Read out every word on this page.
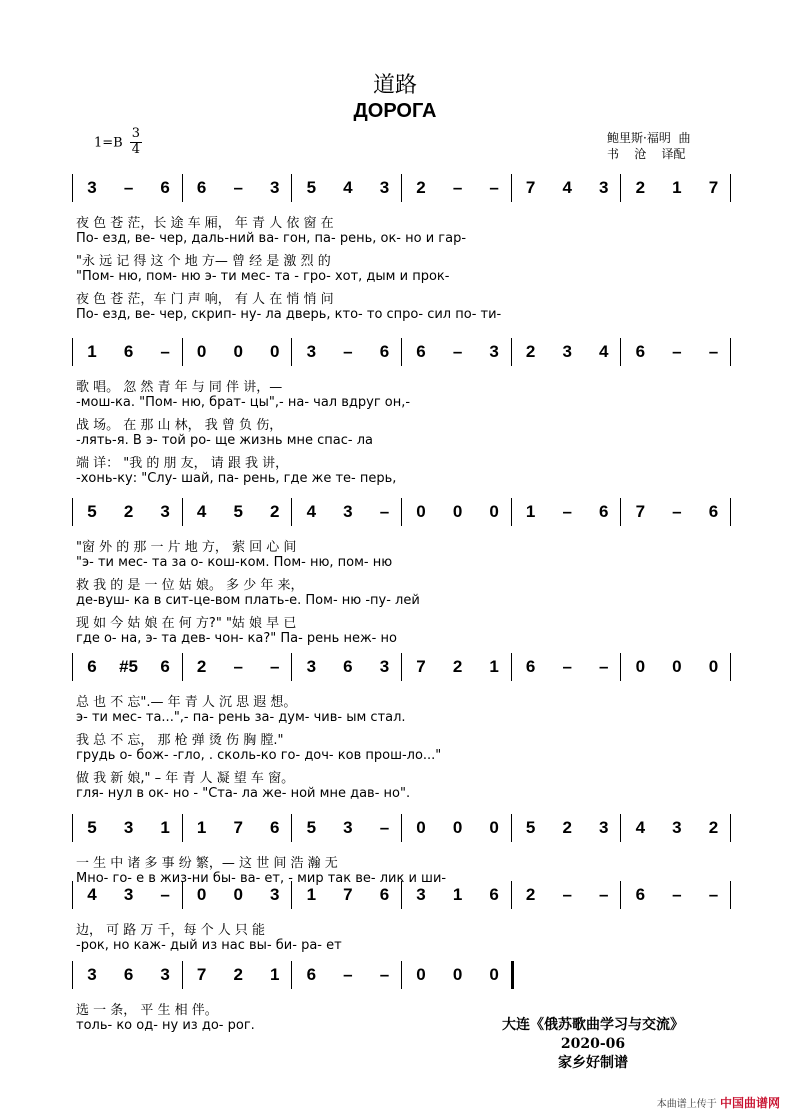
道路
ДОРОГА
$1=B \frac{3}{4}$	鲍里斯·福明  曲
书    沧    译配
3	–	6	6	–	3	5	4	3	2	–	–	7	4	3	2	1	7
夜 色 苍 茫，长 途 车 厢， 年 青 人 依 窗 在
По- езд, ве- чер, даль-ний ва- гон, па- рень, ок- но и гар-
"永 远 记 得 这 个 地 方— 曾 经 是 激 烈 的
"Пом- ню, пом- ню э- ти мес- та - гро- хот, дым и прок-
夜 色 苍 茫，车 门 声 响， 有 人 在 悄 悄 问
По- езд, ве- чер, скрип- ну- ла дверь, кто- то спро- сил по- ти-
1	6	–	0	0	0	3	–	6	6	–	3	2	3	4	6	–	–
歌 唱。 忽 然 青 年 与 同 伴 讲，—
-мош-ка. "Пом- ню, брат- цы",- на- чал вдруг он,-
战 场。 在 那 山 林， 我 曾 负 伤，
-лять-я. В э- той ро- ще жизнь мне спас- ла
端 详： "我 的 朋 友， 请 跟 我 讲，
-хонь-ку: "Слу- шай, па- рень, где же те- перь,
5	2	3	4	5	2	4	3	–	0	0	0	1	–	6	7	–	6
"窗 外 的 那 一 片 地 方， 萦 回 心 间
"э- ти мес- та за о- кош-ком. Пом- ню, пом- ню
救 我 的 是 一 位 姑 娘。 多 少 年 来，
де-вуш- ка в сит-це-вом плать-е. Пом- ню -пу- лей
现 如 今 姑 娘 在 何 方?" "姑 娘 早 已
где о- на, э- та дев- чон- ка?" Па- рень неж- но
6	#5	6	2	–	–	3	6	3	7	2	1	6	–	–	0	0	0
总 也 不 忘".— 年 青 人 沉 思 遐 想。
э- ти мес- та...",- па- рень за- дум- чив- ым стал.
我 总 不 忘， 那 枪 弹 烫 伤 胸 膛."
грудь о- бож- -гло, . сколь-ко го- доч- ков прош-ло..."
做 我 新 娘," – 年 青 人 凝 望 车 窗。
гля- нул в ок- но - "Ста- ла же- ной мне дав- но".
5	3	1	1	7	6	5	3	–	0	0	0	5	2	3	4	3	2
一 生 中 诸 多 事 纷 繁，— 这 世 间 浩 瀚 无
Мно- го- е в жиз-ни бы- ва- ет, - мир так ве- лик и ши-
4	3	–	0	0	3	1	7	6	3	1	6	2	–	–	6	–	–
边， 可 路 万 千，每 个 人 只 能
-рок, но каж- дый из нас вы- би- ра- ет
3	6	3	7	2	1	6	–	–	0	0	0
选 一 条， 平 生 相 伴。
толь- ко од- ну из до- рог.	大连《俄苏歌曲学习与交流》
2020-06
家乡好制谱
本曲谱上传于 中国曲谱网
